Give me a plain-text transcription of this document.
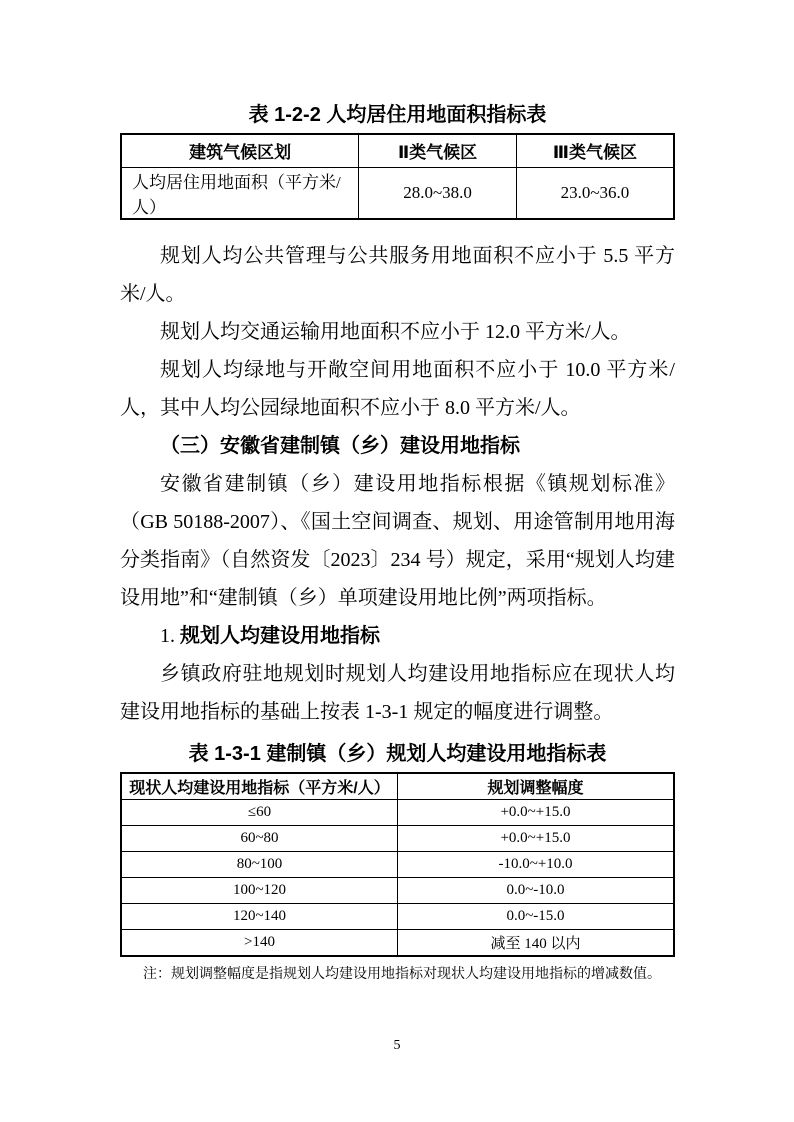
表 1-2-2 人均居住用地面积指标表

建筑气候区划	Ⅱ类气候区	Ⅲ类气候区
人均居住用地面积（平方米/人）	28.0~38.0	23.0~36.0

规划人均公共管理与公共服务用地面积不应小于 5.5 平方米/人。

规划人均交通运输用地面积不应小于 12.0 平方米/人。

规划人均绿地与开敞空间用地面积不应小于 10.0 平方米/人，其中人均公园绿地面积不应小于 8.0 平方米/人。

（三）安徽省建制镇（乡）建设用地指标

安徽省建制镇（乡）建设用地指标根据《镇规划标准》（GB 50188-2007）、《国土空间调查、规划、用途管制用地用海分类指南》（自然资发〔2023〕234 号）规定，采用“规划人均建设用地”和“建制镇（乡）单项建设用地比例”两项指标。

1. 规划人均建设用地指标

乡镇政府驻地规划时规划人均建设用地指标应在现状人均建设用地指标的基础上按表 1-3-1 规定的幅度进行调整。

表 1-3-1 建制镇（乡）规划人均建设用地指标表

现状人均建设用地指标（平方米/人）	规划调整幅度
≤60	+0.0~+15.0
60~80	+0.0~+15.0
80~100	-10.0~+10.0
100~120	0.0~-10.0
120~140	0.0~-15.0
>140	减至 140 以内

注：规划调整幅度是指规划人均建设用地指标对现状人均建设用地指标的增减数值。

5
